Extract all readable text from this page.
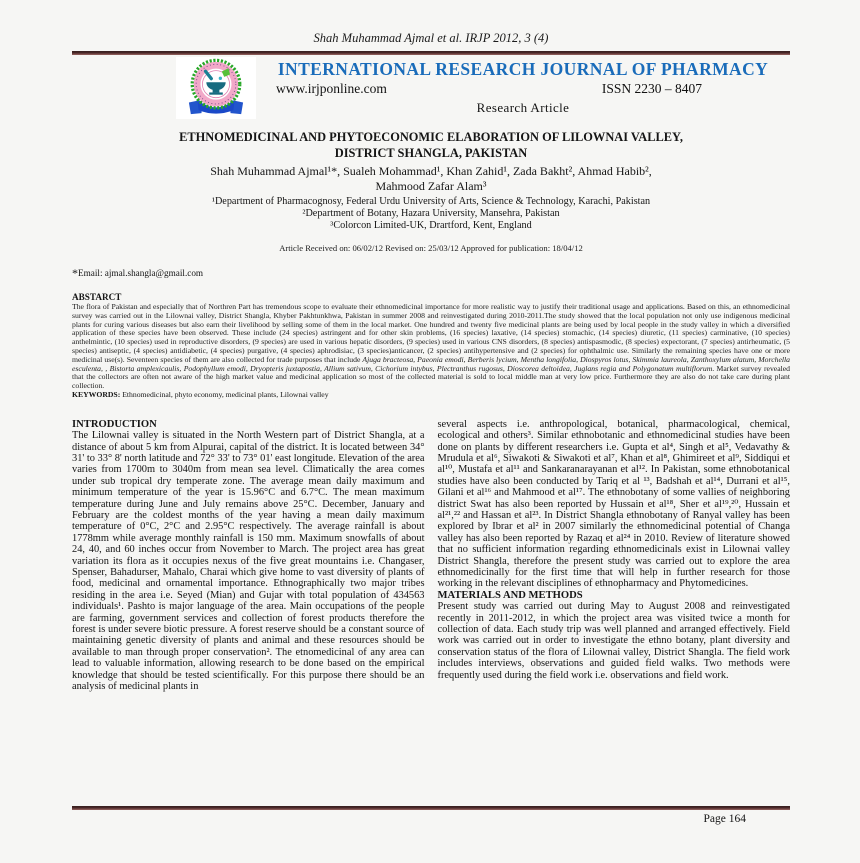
Shah Muhammad Ajmal et al. IRJP 2012, 3 (4)
INTERNATIONAL RESEARCH JOURNAL OF PHARMACY
www.irjponline.com	ISSN 2230 – 8407
Research Article
ETHNOMEDICINAL AND PHYTOECONOMIC ELABORATION OF LILOWNAI VALLEY,
DISTRICT SHANGLA, PAKISTAN
Shah Muhammad Ajmal¹*, Sualeh Mohammad¹, Khan Zahid¹, Zada Bakht², Ahmad Habib²,
Mahmood Zafar Alam³
¹Department of Pharmacognosy, Federal Urdu University of Arts, Science & Technology, Karachi, Pakistan
²Department of Botany, Hazara University, Mansehra, Pakistan
³Colorcon Limited-UK, Drartford, Kent, England
Article Received on: 06/02/12 Revised on: 25/03/12 Approved for publication: 18/04/12
*Email: ajmal.shangla@gmail.com
ABSTARCT

The flora of Pakistan and especially that of Northren Part has tremendous scope to evaluate their ethnomedicinal importance for more realistic way to justify their traditional usage and applications. Based on this, an ethnomedicinal survey was carried out in the Lilownai valley, District Shangla, Khyber Pakhtunkhwa, Pakistan in summer 2008 and reinvestigated during 2010-2011.The study showed that the local population not only use indigenous medicinal plants for curing various diseases but also earn their livelihood by selling some of them in the local market. One hundred and twenty five medicinal plants are being used by local people in the study valley in which a diversified application of these species have been observed. These include (24 species) astringent and for other skin problems, (16 species) laxative, (14 species) stomachic, (14 species) diuretic, (11 species) carminative, (10 species) anthelmintic, (10 species) used in reproductive disorders, (9 species) are used in various hepatic disorders, (9 species) used in various CNS disorders, (8 species) antispasmodic, (8 species) expectorant, (7 species) antirheumatic, (5 species) antiseptic, (4 species) antidiabetic, (4 species) purgative, (4 species) aphrodisiac, (3 species)anticancer, (2 species) antihypertensive and (2 species) for ophthalmic use. Similarly the remaining species have one or more medicinal use(s). Seventeen species of them are also collected for trade purposes that include Ajuga bracteosa, Paeonia emodi, Berberis lycium, Mentha longifolia, Diospyros lotus, Skimmia laureola, Zanthoxylum alatum, Morchella esculenta, , Bistorta amplexicaulis, Podophyllum emodi, Dryopteris juxtapostia, Allium sativum, Cichorium intybus, Plectranthus rugosus, Dioscorea deltoidea, Juglans regia and Polygonatum multiflorum. Market survey revealed that the collectors are often not aware of the high market value and medicinal application so most of the collected material is sold to local middle man at very low price. Furthermore they are also do not take care during plant collection.

KEYWORDS: Ethnomedicinal, phyto economy, medicinal plants, Lilownai valley

INTRODUCTION

The Lilownai valley is situated in the North Western part of District Shangla, at a distance of about 5 km from Alpurai, capital of the district. It is located between 34° 31' to 33° 8' north latitude and 72° 33' to 73° 01' east longitude. Elevation of the area varies from 1700m to 3040m from mean sea level. Climatically the area comes under sub tropical dry temperate zone. The average mean daily maximum and minimum temperature of the year is 15.96°C and 6.7°C. The mean maximum temperature during June and July remains above 25°C. December, January and February are the coldest months of the year having a mean daily maximum temperature of 0°C, 2°C and 2.95°C respectively. The average rainfall is about 1778mm while average monthly rainfall is 150 mm. Maximum snowfalls of about 24, 40, and 60 inches occur from November to March. The project area has great variation its flora as it occupies nexus of the five great mountains i.e. Changaser, Spenser, Bahadurser, Mahalo, Charai which give home to vast diversity of plants of food, medicinal and ornamental importance. Ethnographically two major tribes residing in the area i.e. Seyed (Mian) and Gujar with total population of 434563 individuals¹. Pashto is major language of the area. Main occupations of the people are farming, government services and collection of forest products therefore the forest is under severe biotic pressure. A forest reserve should be a constant source of maintaining genetic diversity of plants and animal and these resources should be available to man through proper conservation². The etnomedicinal of any area can lead to valuable information, allowing research to be done based on the empirical knowledge that should be tested scientifically. For this purpose there should be an analysis of medicinal plants in

several aspects i.e. anthropological, botanical, pharmacological, chemical, ecological and others³. Similar ethnobotanic and ethnomedicinal studies have been done on plants by different researchers i.e. Gupta et al⁴, Singh et al⁵, Vedavathy & Mrudula et al⁶, Siwakoti & Siwakoti et al⁷, Khan et al⁸, Ghimireet et al⁹, Siddiqui et al¹⁰, Mustafa et al¹¹ and Sankaranarayanan et al¹². In Pakistan, some ethnobotanical studies have also been conducted by Tariq et al ¹³, Badshah et al¹⁴, Durrani et al¹⁵, Gilani et al¹⁶ and Mahmood et al¹⁷. The ethnobotany of some vallies of neighboring district Swat has also been reported by Hussain et al¹⁸, Sher et al¹⁹,²⁰, Hussain et al²¹,²² and Hassan et al²³. In District Shangla ethnobotany of Ranyal valley has been explored by Ibrar et al² in 2007 similarly the ethnomedicinal potential of Changa valley has also been reported by Razaq et al²⁴ in 2010. Review of literature showed that no sufficient information regarding ethnomedicinals exist in Lilownai valley District Shangla, therefore the present study was carried out to explore the area ethnomedicinally for the first time that will help in further research for those working in the relevant disciplines of ethnopharmacy and Phytomedicines.

MATERIALS AND METHODS

Present study was carried out during May to August 2008 and reinvestigated recently in 2011-2012, in which the project area was visited twice a month for collection of data. Each study trip was well planned and arranged effectively. Field work was carried out in order to investigate the ethno botany, plant diversity and conservation status of the flora of Lilownai valley, District Shangla. The field work includes interviews, observations and guided field walks. Two methods were frequently used during the field work i.e. observations and field work.

Page 164
